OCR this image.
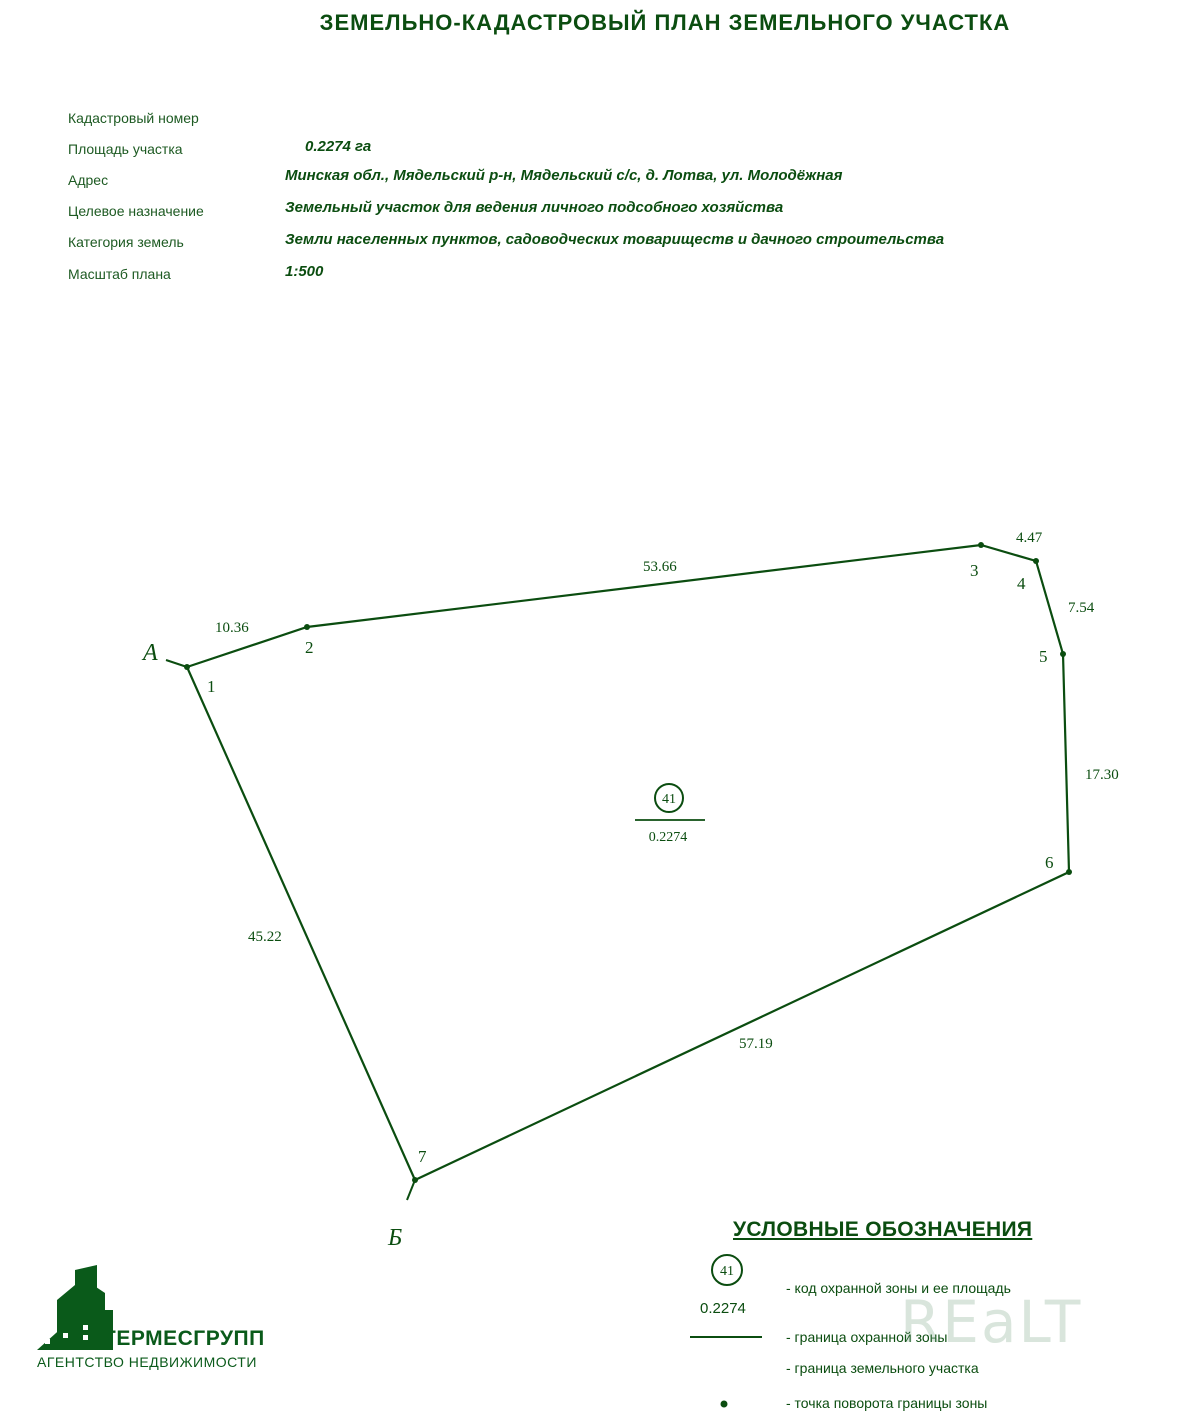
ЗЕМЕЛЬНО-КАДАСТРОВЫЙ ПЛАН ЗЕМЕЛЬНОГО УЧАСТКА
Кадастровый номер
Площадь участка	0.2274 га
Адрес	Минская обл., Мядельский р-н, Мядельский с/с, д. Лотва, ул. Молодёжная
Целевое назначение	Земельный участок для ведения личного подсобного хозяйства
Категория земель	Земли населенных пунктов, садоводческих товариществ и дачного строительства
Масштаб плана	1:500
А
Б
1
2
3
4
5
6
7
10.36
53.66
4.47
7.54
17.30
57.19
45.22
41
0.2274
41
УСЛОВНЫЕ ОБОЗНАЧЕНИЯ
0.2274
- код охранной зоны и ее площадь
- граница охранной зоны
- граница земельного участка
- точка поворота границы зоны
REaLT
ГЕРМЕСГРУПП
АГЕНТСТВО НЕДВИЖИМОСТИ
